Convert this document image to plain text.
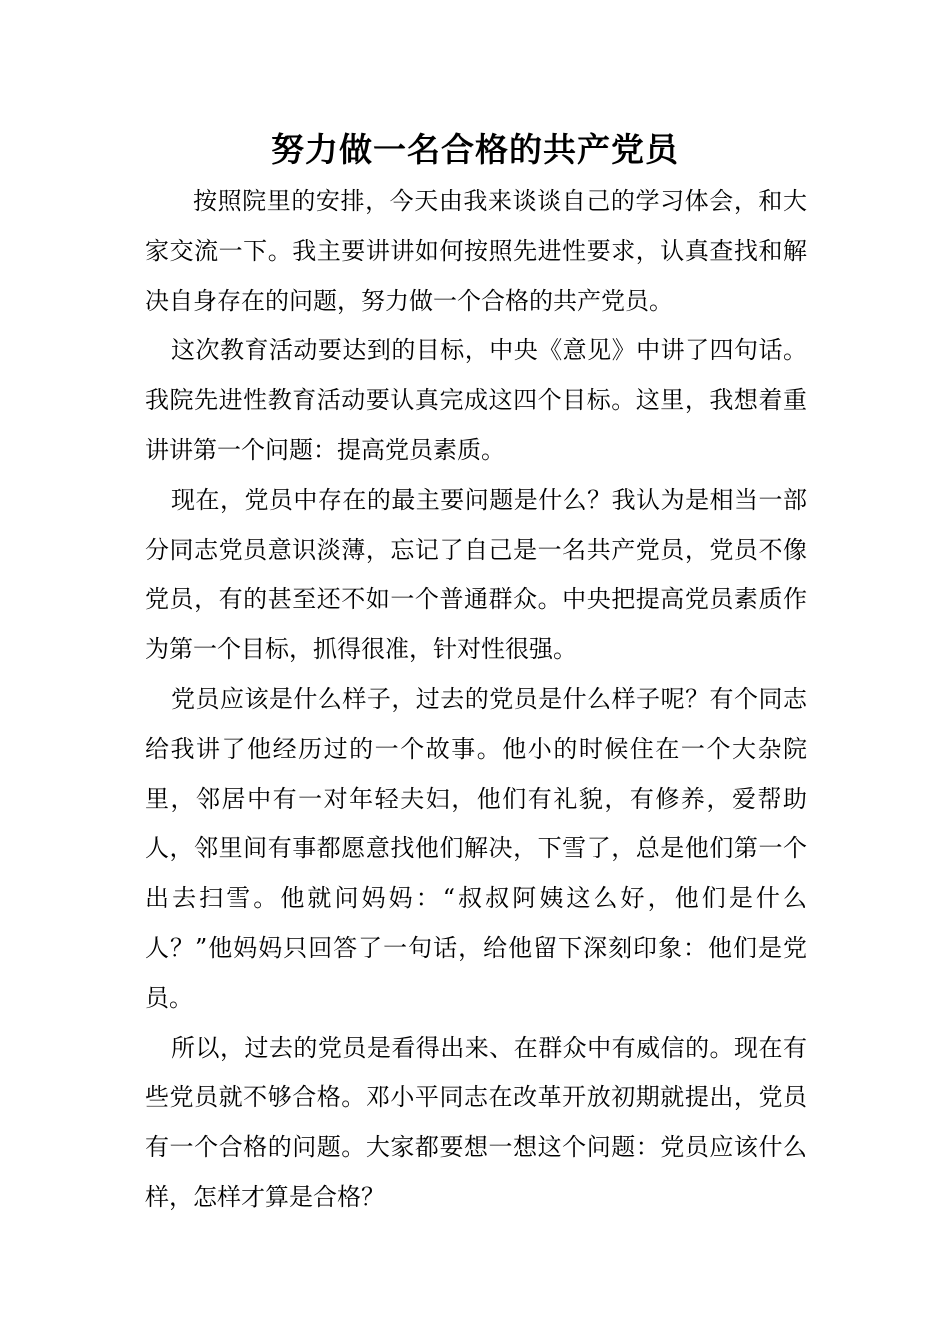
努力做一名合格的共产党员

按照院里的安排，今天由我来谈谈自己的学习体会，和大家交流一下。我主要讲讲如何按照先进性要求，认真查找和解决自身存在的问题，努力做一个合格的共产党员。

这次教育活动要达到的目标，中央《意见》中讲了四句话。我院先进性教育活动要认真完成这四个目标。这里，我想着重讲讲第一个问题：提高党员素质。

现在，党员中存在的最主要问题是什么？我认为是相当一部分同志党员意识淡薄，忘记了自己是一名共产党员，党员不像党员，有的甚至还不如一个普通群众。中央把提高党员素质作为第一个目标，抓得很准，针对性很强。

党员应该是什么样子，过去的党员是什么样子呢？有个同志给我讲了他经历过的一个故事。他小的时候住在一个大杂院里，邻居中有一对年轻夫妇，他们有礼貌，有修养，爱帮助人，邻里间有事都愿意找他们解决，下雪了，总是他们第一个出去扫雪。他就问妈妈：“叔叔阿姨这么好，他们是什么人？”他妈妈只回答了一句话，给他留下深刻印象：他们是党员。

所以，过去的党员是看得出来、在群众中有威信的。现在有些党员就不够合格。邓小平同志在改革开放初期就提出，党员有一个合格的问题。大家都要想一想这个问题：党员应该什么样，怎样才算是合格？
